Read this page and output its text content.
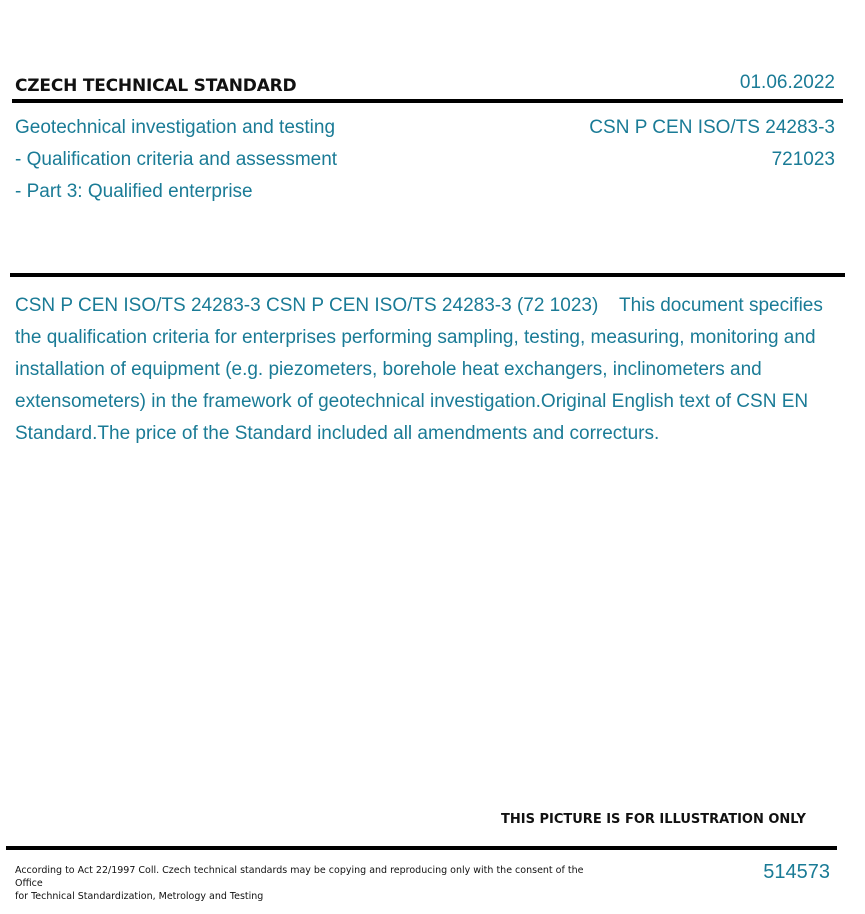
CZECH TECHNICAL STANDARD	01.06.2022
Geotechnical investigation and testing
- Qualification criteria and assessment
- Part 3: Qualified enterprise
CSN P CEN ISO/TS 24283-3
721023
CSN P CEN ISO/TS 24283-3 CSN P CEN ISO/TS 24283-3 (72 1023)    This document specifies the qualification criteria for enterprises performing sampling, testing, measuring, monitoring and installation of equipment (e.g. piezometers, borehole heat exchangers, inclinometers and extensometers) in the framework of geotechnical investigation.Original English text of CSN EN Standard.The price of the Standard included all amendments and correcturs.
THIS PICTURE IS FOR ILLUSTRATION ONLY
According to Act 22/1997 Coll. Czech technical standards may be copying and reproducing only with the consent of the Office
for Technical Standardization, Metrology and Testing
514573
